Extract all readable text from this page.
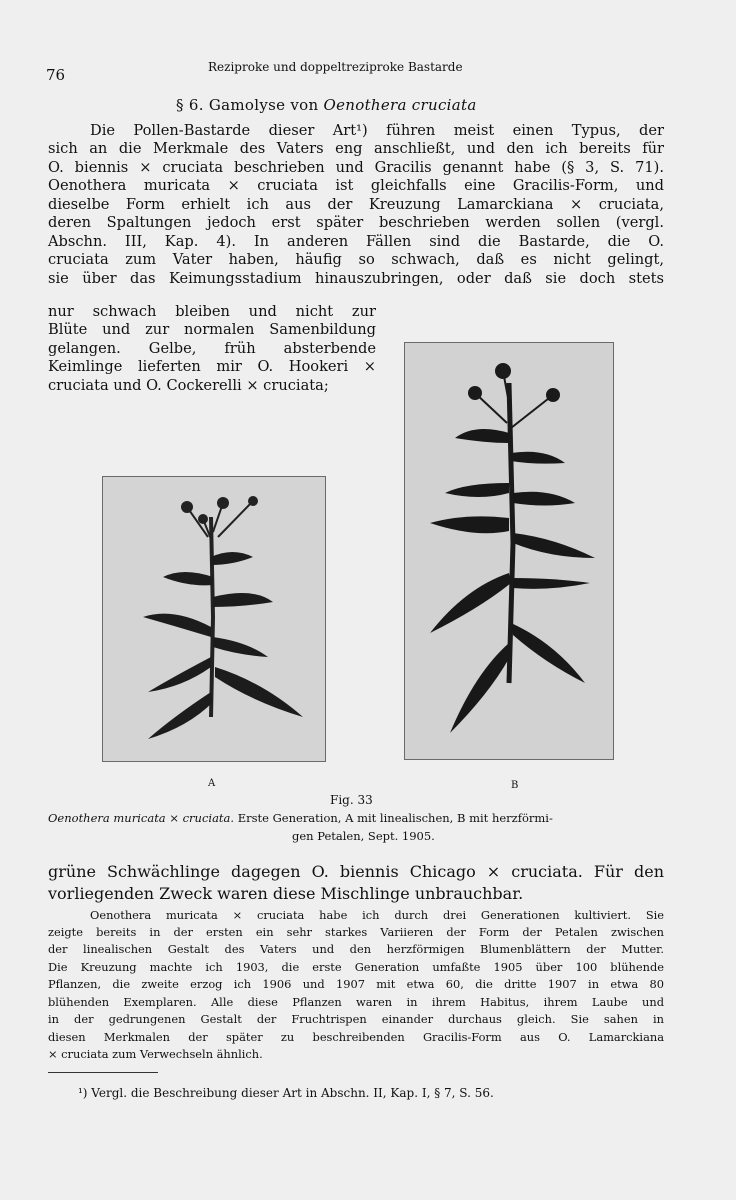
76	Reziproke und doppeltreziproke Bastarde
§ 6. Gamolyse von Oenothera cruciata
Die Pollen-Bastarde dieser Art¹) führen meist einen Typus, der
sich an die Merkmale des Vaters eng anschließt, und den ich bereits für
O. biennis × cruciata beschrieben und Gracilis genannt habe (§ 3, S. 71).
Oenothera muricata × cruciata ist gleichfalls eine Gracilis-Form, und
dieselbe Form erhielt ich aus der Kreuzung Lamarckiana × cruciata,
deren Spaltungen jedoch erst später beschrieben werden sollen (vergl.
Abschn. III, Kap. 4). In anderen Fällen sind die Bastarde, die O.
cruciata zum Vater haben, häufig so schwach, daß es nicht gelingt,
sie über das Keimungsstadium hinauszubringen, oder daß sie doch stets
nur schwach bleiben und nicht zur
Blüte und zur normalen Samenbildung
gelangen. Gelbe, früh absterbende
Keimlinge lieferten mir O. Hookeri ×
cruciata und O. Cockerelli × cruciata;
A	B
Fig. 33
Oenothera muricata × cruciata. Erste Generation, A mit linealischen, B mit herzförmi-
gen Petalen, Sept. 1905.
grüne Schwächlinge dagegen O. biennis Chicago × cruciata. Für den
vorliegenden Zweck waren diese Mischlinge unbrauchbar.
Oenothera muricata × cruciata habe ich durch drei Generationen kultiviert. Sie
zeigte bereits in der ersten ein sehr starkes Variieren der Form der Petalen zwischen
der linealischen Gestalt des Vaters und den herzförmigen Blumenblättern der Mutter.
Die Kreuzung machte ich 1903, die erste Generation umfaßte 1905 über 100 blühende
Pflanzen, die zweite erzog ich 1906 und 1907 mit etwa 60, die dritte 1907 in etwa 80
blühenden Exemplaren. Alle diese Pflanzen waren in ihrem Habitus, ihrem Laube und
in der gedrungenen Gestalt der Fruchtrispen einander durchaus gleich. Sie sahen in
diesen Merkmalen der später zu beschreibenden Gracilis-Form aus O. Lamarckiana
× cruciata zum Verwechseln ähnlich.
¹) Vergl. die Beschreibung dieser Art in Abschn. II, Kap. I, § 7, S. 56.
